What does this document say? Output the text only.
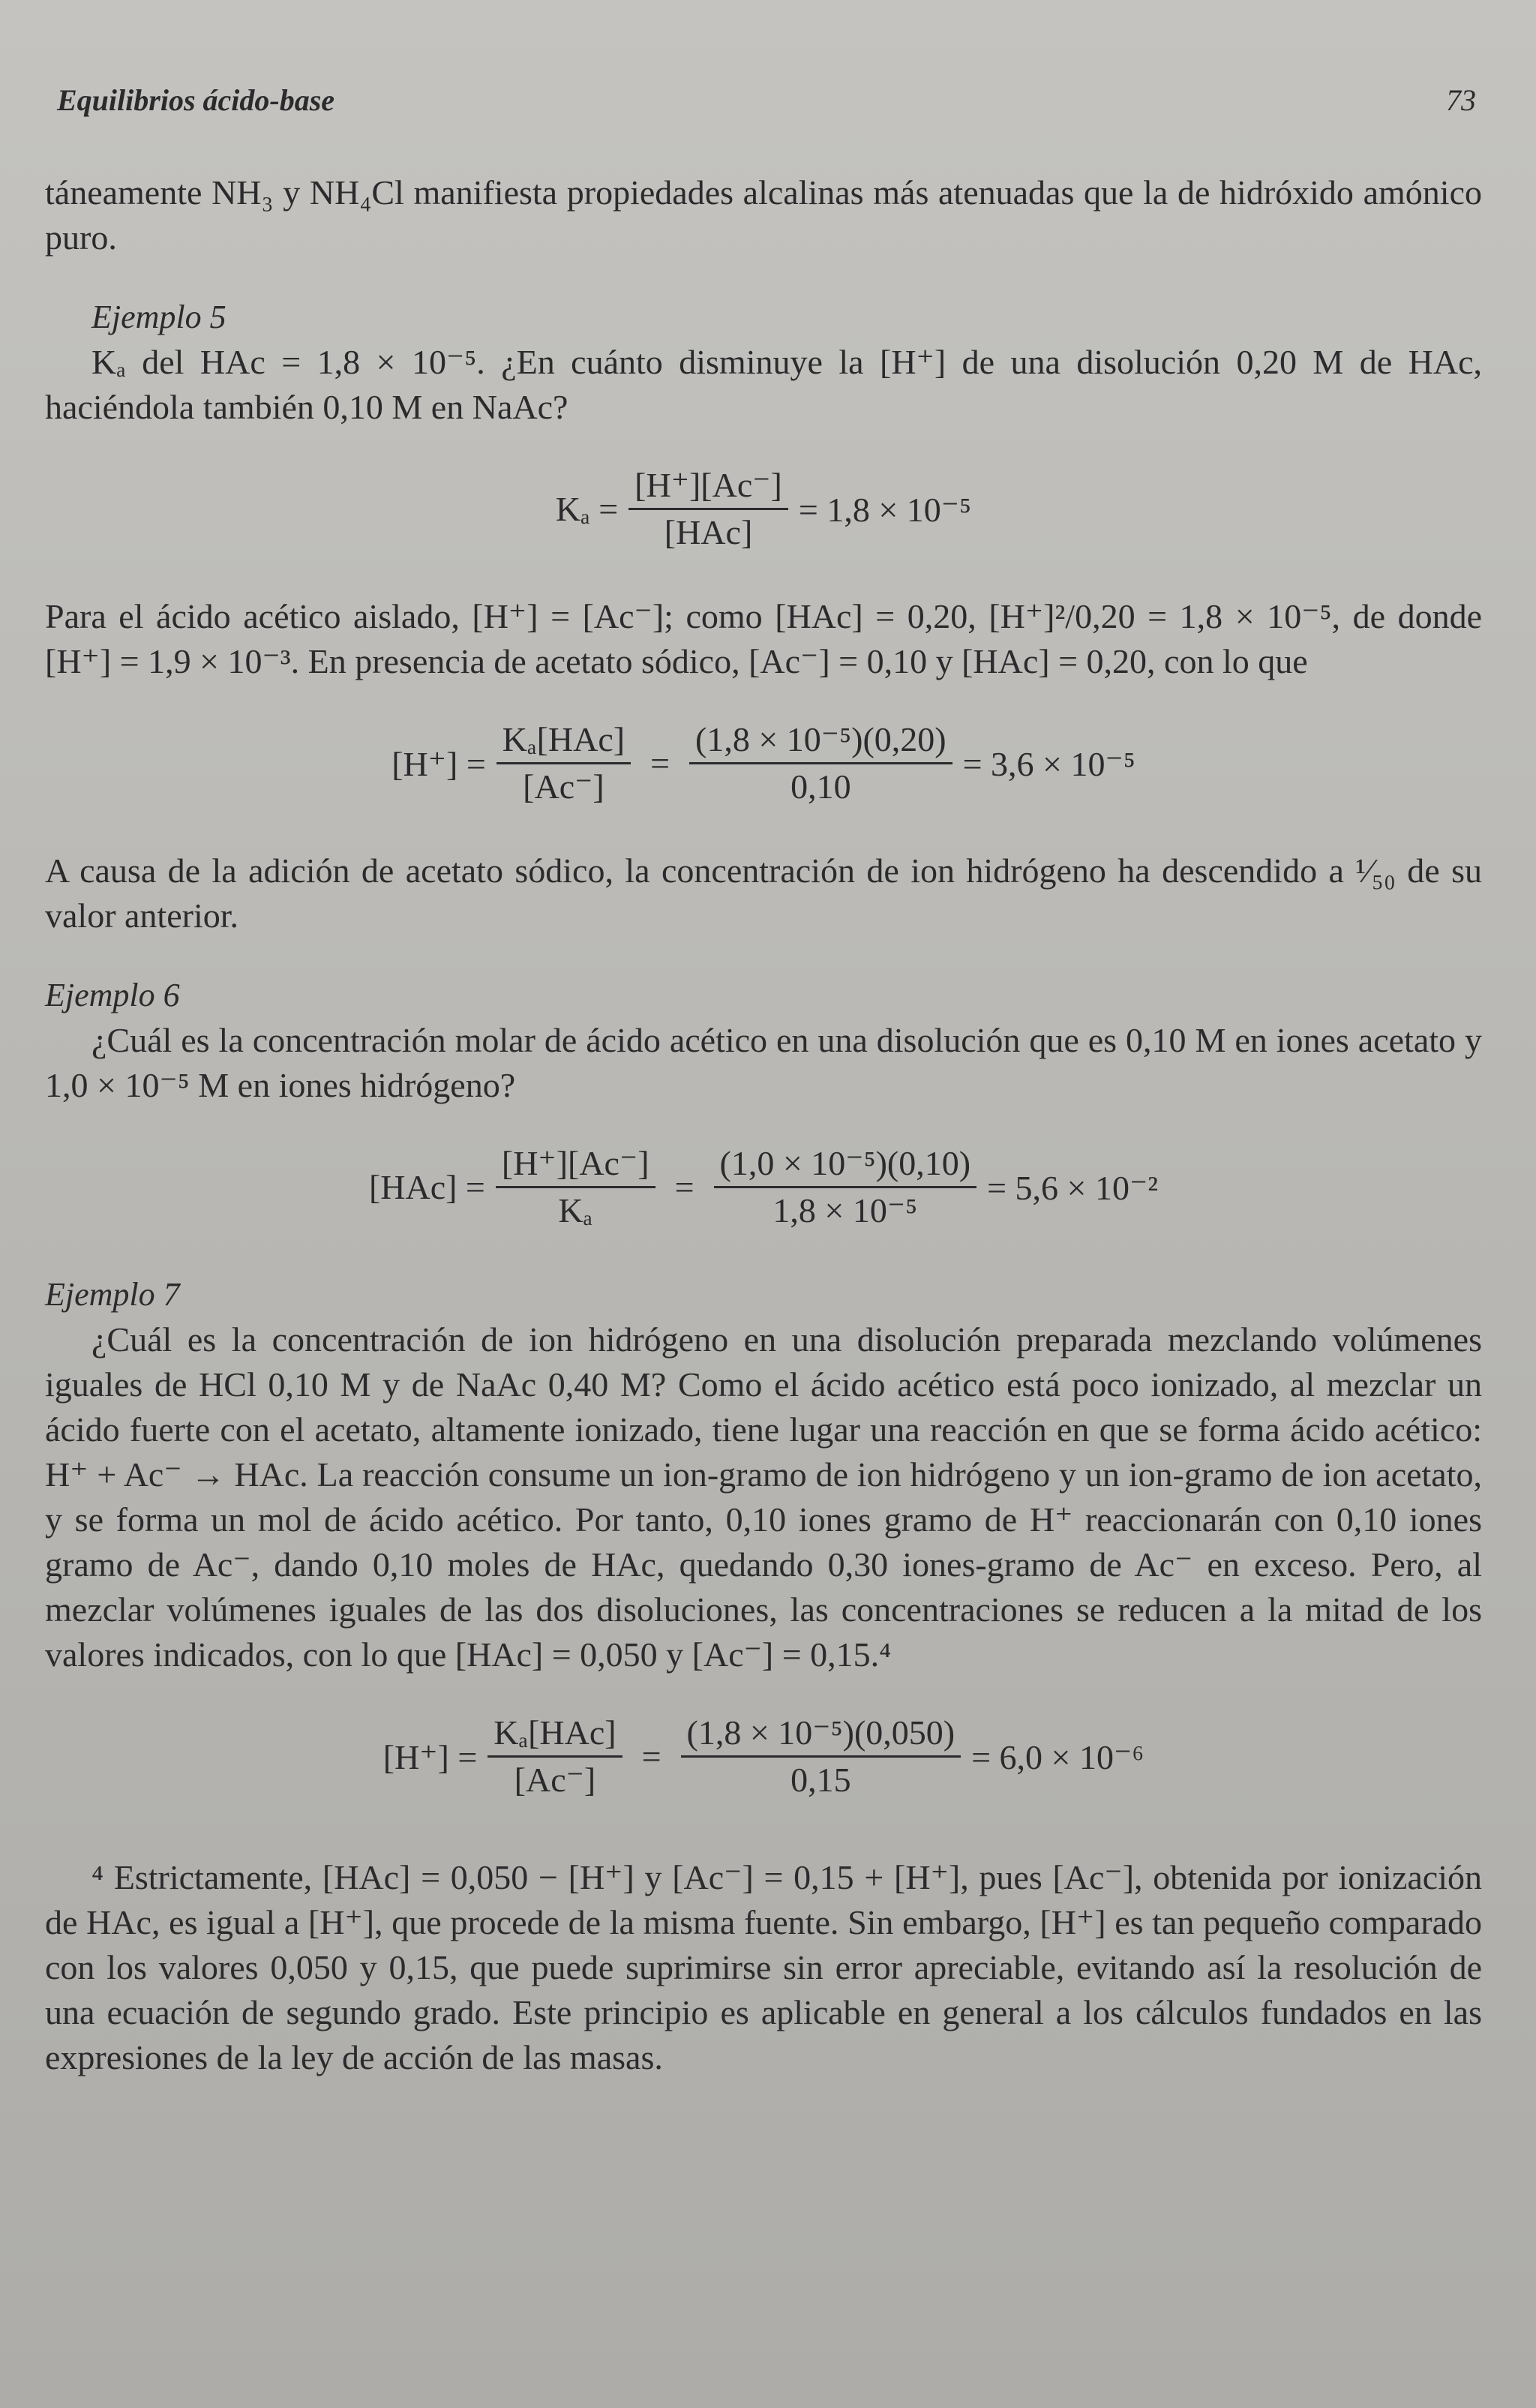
Equilibrios ácido-base	73

táneamente NH₃ y NH₄Cl manifiesta propiedades alcalinas más atenuadas que la de hidróxido amónico puro.

Ejemplo 5

Kₐ del HAc = 1,8 × 10⁻⁵. ¿En cuánto disminuye la [H⁺] de una disolución 0,20 M de HAc, haciéndola también 0,10 M en NaAc?

$K_a = \frac{[H^+][Ac^-]}{\text{[HAc]}} = 1,8 \times 10^{-5}$

Para el ácido acético aislado, [H⁺] = [Ac⁻]; como [HAc] = 0,20, [H⁺]²/0,20 = 1,8 × 10⁻⁵, de donde [H⁺] = 1,9 × 10⁻³. En presencia de acetato sódico, [Ac⁻] = 0,10 y [HAc] = 0,20, con lo que

$[H^+] = \frac{\text{Kₐ[HAc]}}{[Ac^-]} = \frac{\text{(1,8 × 10⁻⁵)(0,20)}}{0,10} = 3,6 \times 10^{-5}$

A causa de la adición de acetato sódico, la concentración de ion hidrógeno ha descendido a ¹⁄₅₀ de su valor anterior.

Ejemplo 6

¿Cuál es la concentración molar de ácido acético en una disolución que es 0,10 M en iones acetato y 1,0 × 10⁻⁵ M en iones hidrógeno?

$[HAc] = \frac{[H^+][Ac^-]}{\text{Kₐ}} = \frac{\text{(1,0 × 10⁻⁵)(0,10)}}{\text{1,8 × 10⁻⁵}} = 5,6 \times 10^{-2}$
Ejemplo 7

¿Cuál es la concentración de ion hidrógeno en una disolución preparada mezclando volúmenes iguales de HCl 0,10 M y de NaAc 0,40 M? Como el ácido acético está poco ionizado, al mezclar un ácido fuerte con el acetato, altamente ionizado, tiene lugar una reacción en que se forma ácido acético: H⁺ + Ac⁻ → HAc. La reacción consume un ion-gramo de ion hidrógeno y un ion-gramo de ion acetato, y se forma un mol de ácido acético. Por tanto, 0,10 iones gramo de H⁺ reaccionarán con 0,10 iones gramo de Ac⁻, dando 0,10 moles de HAc, quedando 0,30 iones-gramo de Ac⁻ en exceso. Pero, al mezclar volúmenes iguales de las dos disoluciones, las concentraciones se reducen a la mitad de los valores indicados, con lo que [HAc] = 0,050 y [Ac⁻] = 0,15.⁴

$[H^+] = \frac{\text{Kₐ[HAc]}}{[Ac^-]} = \frac{\text{(1,8 × 10⁻⁵)(0,050)}}{0,15} = 6,0 \times 10^{-6}$

⁴ Estrictamente, [HAc] = 0,050 − [H⁺] y [Ac⁻] = 0,15 + [H⁺], pues [Ac⁻], obtenida por ionización de HAc, es igual a [H⁺], que procede de la misma fuente. Sin embargo, [H⁺] es tan pequeño comparado con los valores 0,050 y 0,15, que puede suprimirse sin error apreciable, evitando así la resolución de una ecuación de segundo grado. Este principio es aplicable en general a los cálculos fundados en las expresiones de la ley de acción de las masas.
